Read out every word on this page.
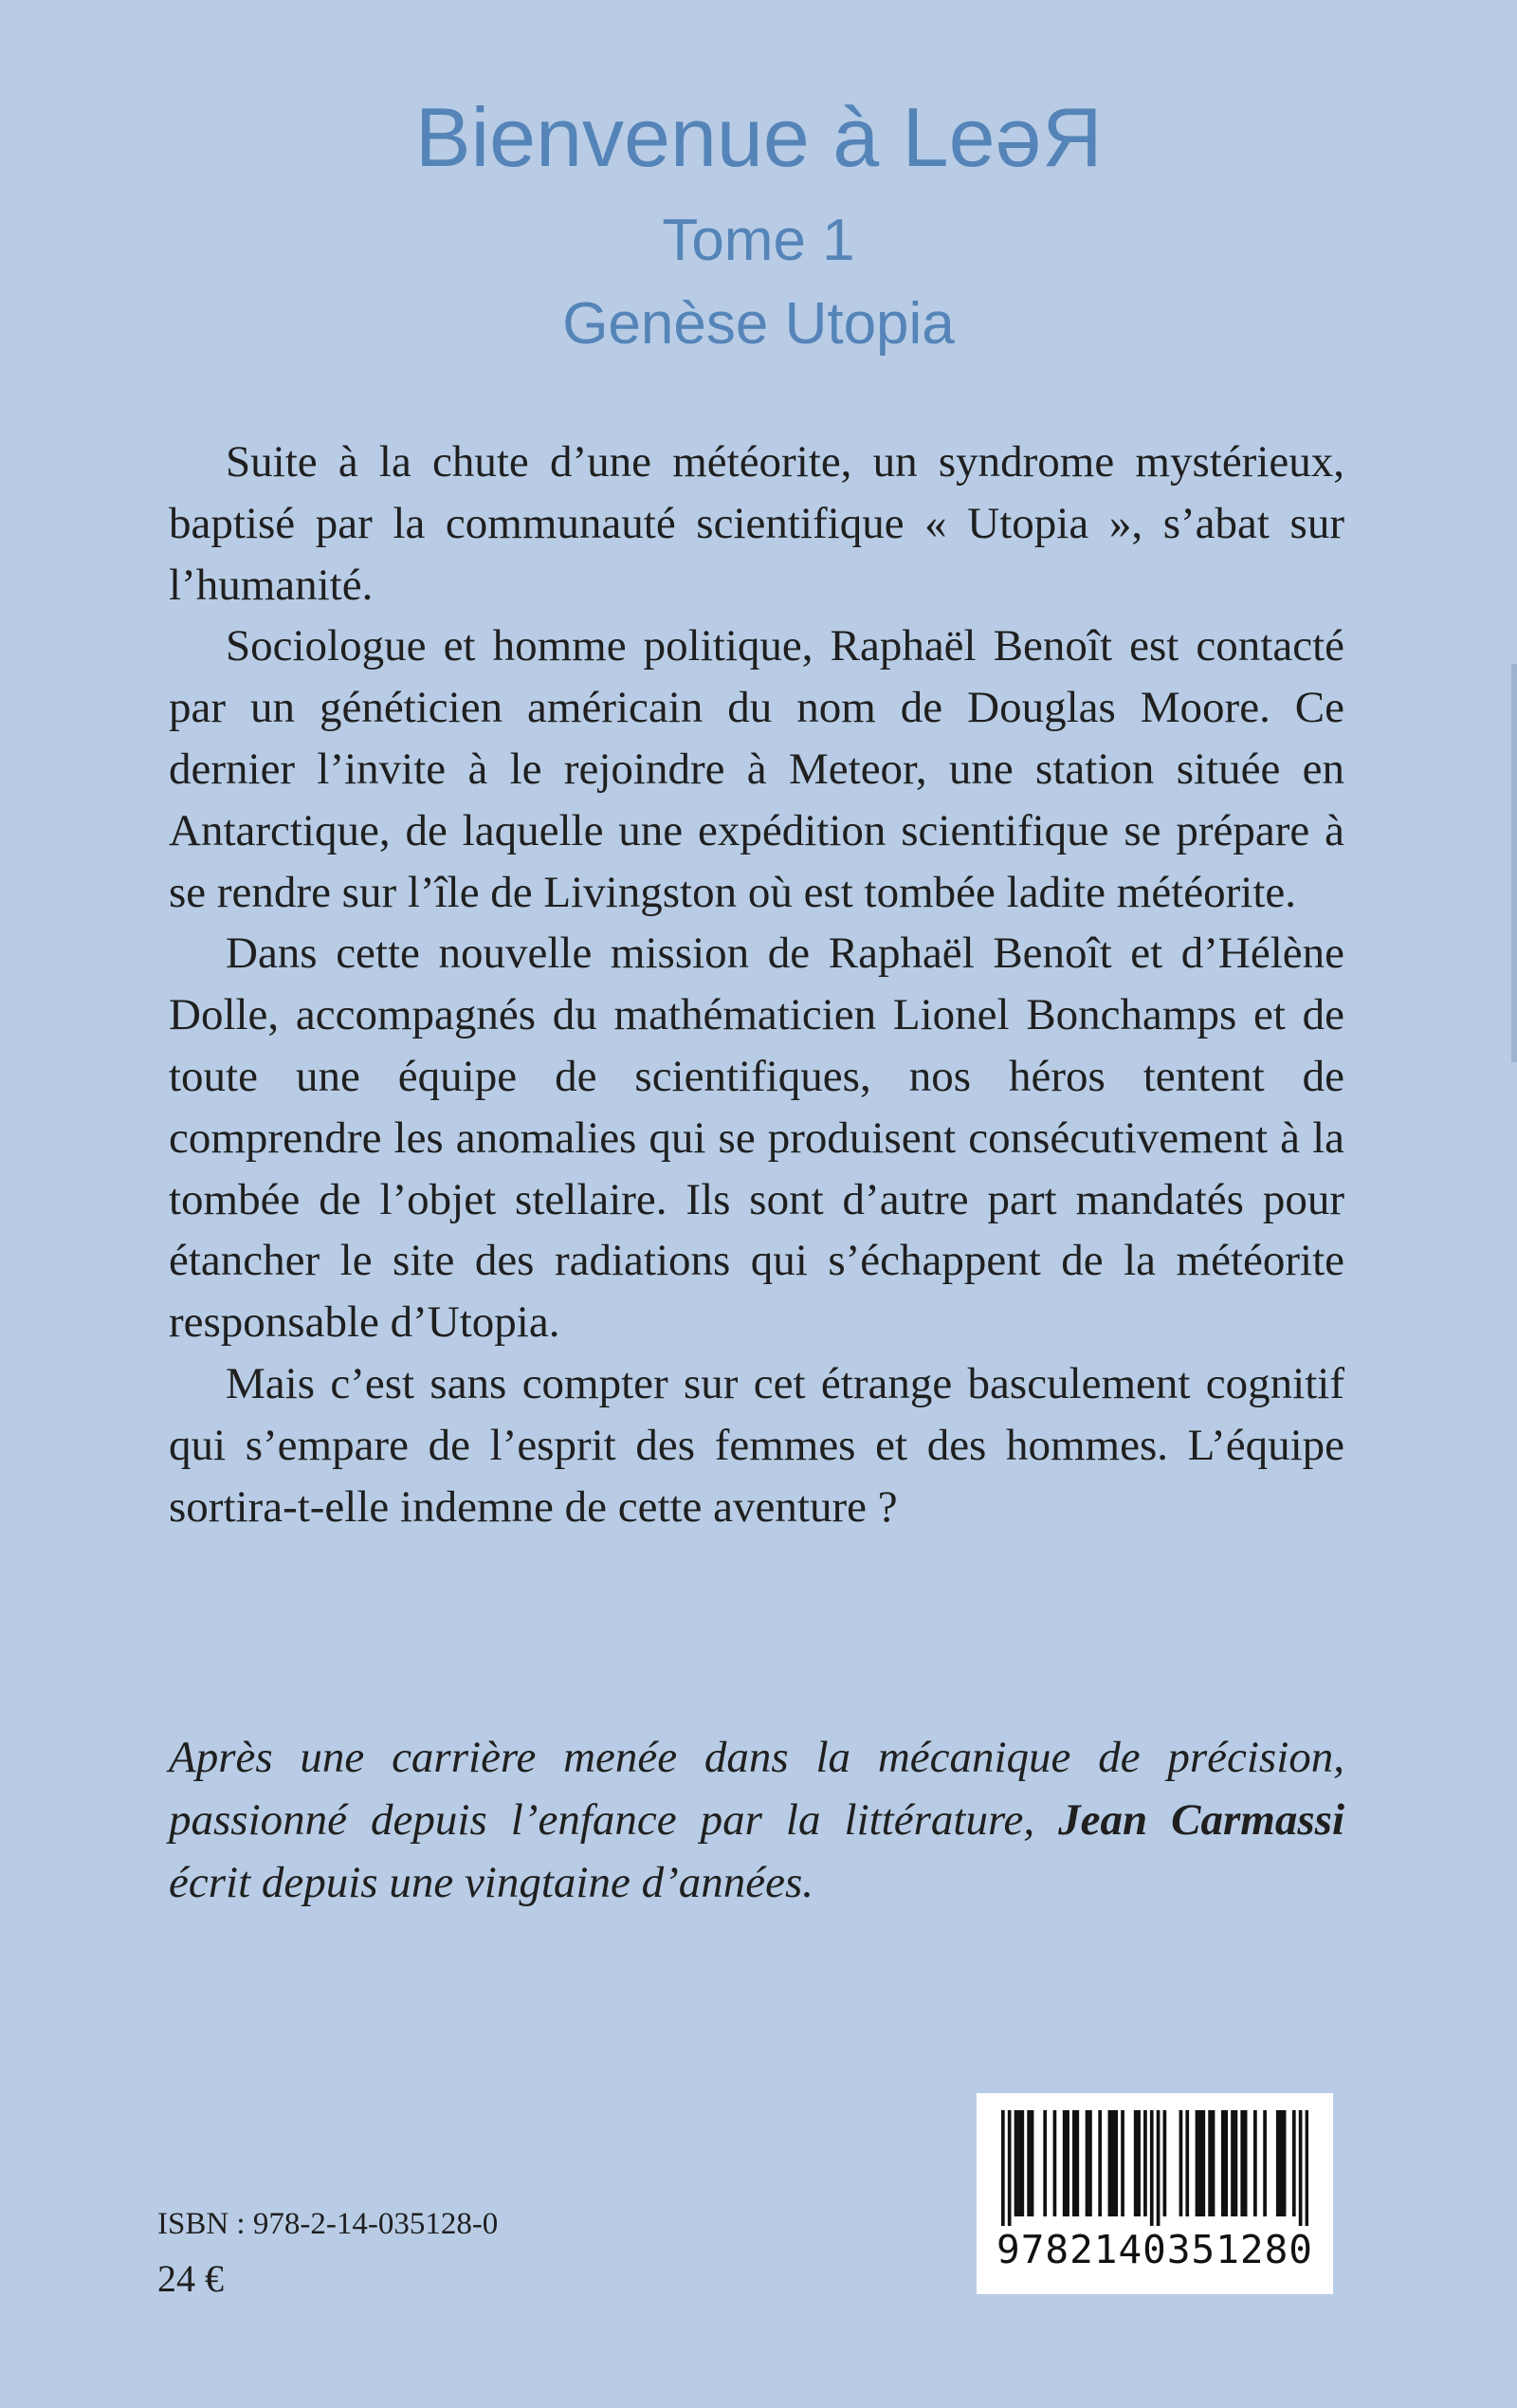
Bienvenue à LeəR
Tome 1
Genèse Utopia

Suite à la chute d’une météorite, un syndrome mystérieux, baptisé par la communauté scientifique « Utopia », s’abat sur l’humanité.

Sociologue et homme politique, Raphaël Benoît est contacté par un généticien américain du nom de Douglas Moore. Ce dernier l’invite à le rejoindre à Meteor, une station située en Antarctique, de laquelle une expédition scientifique se prépare à se rendre sur l’île de Livingston où est tombée ladite météorite.

Dans cette nouvelle mission de Raphaël Benoît et d’Hélène Dolle, accompagnés du mathématicien Lionel Bonchamps et de toute une équipe de scientifiques, nos héros tentent de comprendre les anomalies qui se produisent consécutivement à la tombée de l’objet stellaire. Ils sont d’autre part mandatés pour étancher le site des radiations qui s’échappent de la météorite responsable d’Utopia.

Mais c’est sans compter sur cet étrange basculement cognitif qui s’empare de l’esprit des femmes et des hommes. L’équipe sortira-t-elle indemne de cette aventure ?

Après une carrière menée dans la mécanique de précision, passionné depuis l’enfance par la littérature, Jean Carmassi écrit depuis une vingtaine d’années.

ISBN : 978-2-14-035128-0

24 €

9782140351280
